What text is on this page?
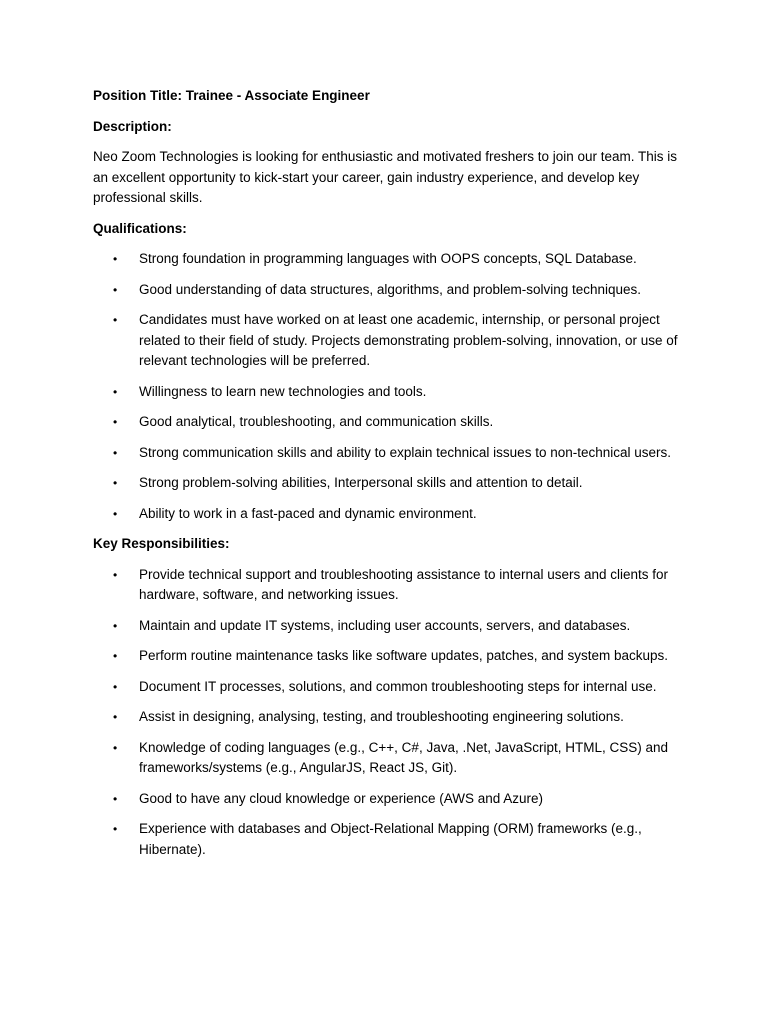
Position Title: Trainee - Associate Engineer

Description:

Neo Zoom Technologies is looking for enthusiastic and motivated freshers to join our team. This is an excellent opportunity to kick-start your career, gain industry experience, and develop key professional skills.

Qualifications:

• Strong foundation in programming languages with OOPS concepts, SQL Database.
• Good understanding of data structures, algorithms, and problem-solving techniques.
• Candidates must have worked on at least one academic, internship, or personal project related to their field of study. Projects demonstrating problem-solving, innovation, or use of relevant technologies will be preferred.
• Willingness to learn new technologies and tools.
• Good analytical, troubleshooting, and communication skills.
• Strong communication skills and ability to explain technical issues to non-technical users.
• Strong problem-solving abilities, Interpersonal skills and attention to detail.
• Ability to work in a fast-paced and dynamic environment.

Key Responsibilities:

• Provide technical support and troubleshooting assistance to internal users and clients for hardware, software, and networking issues.
• Maintain and update IT systems, including user accounts, servers, and databases.
• Perform routine maintenance tasks like software updates, patches, and system backups.
• Document IT processes, solutions, and common troubleshooting steps for internal use.
• Assist in designing, analysing, testing, and troubleshooting engineering solutions.
• Knowledge of coding languages (e.g., C++, C#, Java, .Net, JavaScript, HTML, CSS) and frameworks/systems (e.g., AngularJS, React JS, Git).
• Good to have any cloud knowledge or experience (AWS and Azure)
• Experience with databases and Object-Relational Mapping (ORM) frameworks (e.g., Hibernate).
